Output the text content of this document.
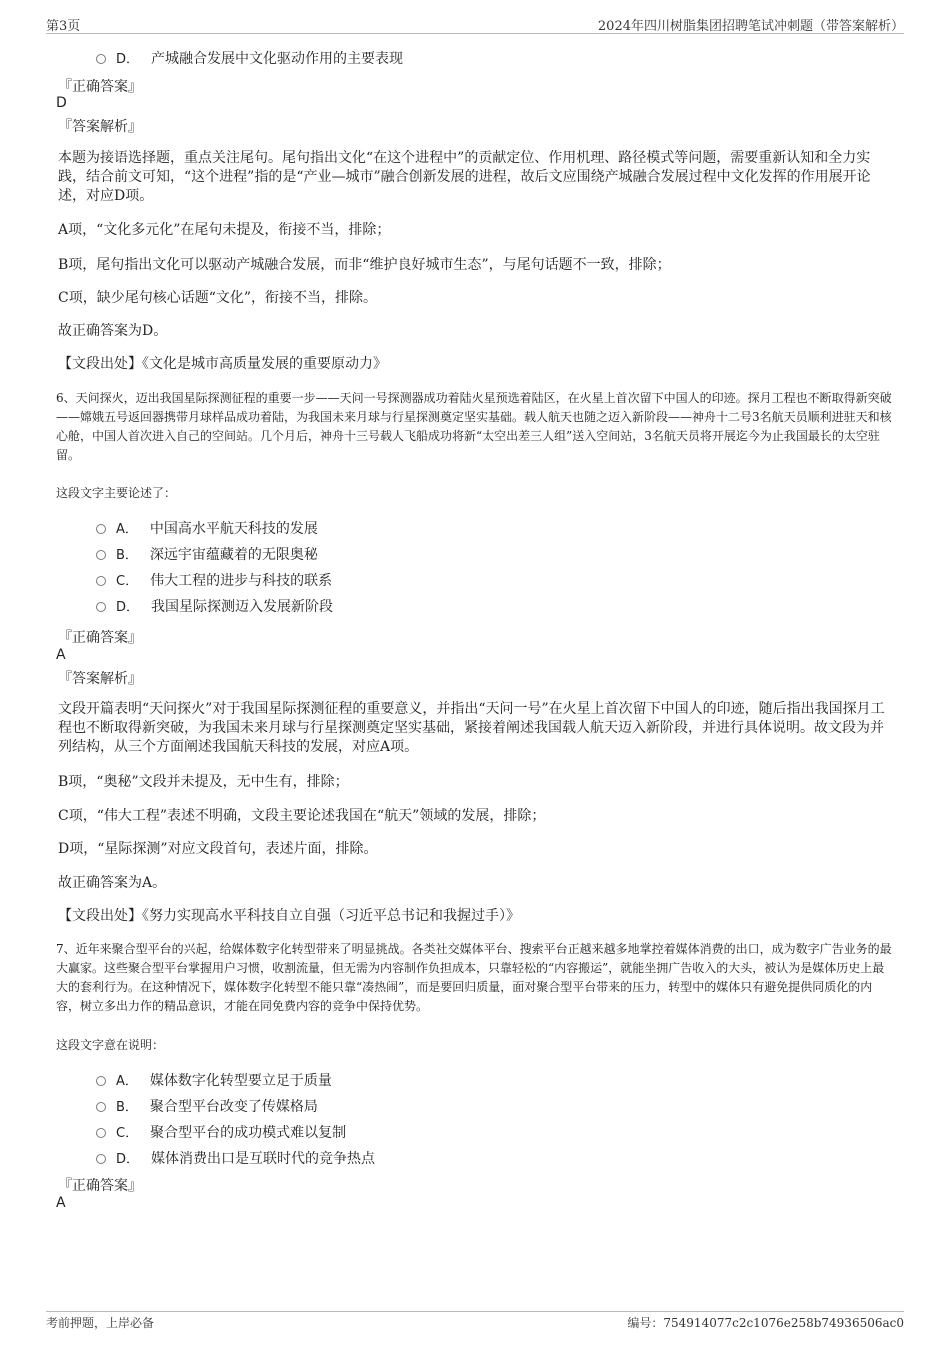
第3页	2024年四川树脂集团招聘笔试冲刺题（带答案解析）
D． 产城融合发展中文化驱动作用的主要表现
『正确答案』
D
『答案解析』
本题为接语选择题，重点关注尾句。尾句指出文化“在这个进程中”的贡献定位、作用机理、路径模式等问题，需要重新认知和全力实践，结合前文可知，“这个进程”指的是“产业—城市”融合创新发展的进程，故后文应围绕产城融合发展过程中文化发挥的作用展开论述，对应D项。
A项，“文化多元化”在尾句未提及，衔接不当，排除；
B项，尾句指出文化可以驱动产城融合发展，而非“维护良好城市生态”，与尾句话题不一致，排除；
C项，缺少尾句核心话题“文化”，衔接不当，排除。
故正确答案为D。
【文段出处】《文化是城市高质量发展的重要原动力》
6、天问探火，迈出我国星际探测征程的重要一步——天问一号探测器成功着陆火星预选着陆区，在火星上首次留下中国人的印迹。探月工程也不断取得新突破——嫦娥五号返回器携带月球样品成功着陆，为我国未来月球与行星探测奠定坚实基础。载人航天也随之迈入新阶段——神舟十二号3名航天员顺利进驻天和核心舱，中国人首次进入自己的空间站。几个月后，神舟十三号载人飞船成功将新“太空出差三人组”送入空间站，3名航天员将开展迄今为止我国最长的太空驻留。
这段文字主要论述了：
A． 中国高水平航天科技的发展
B． 深远宇宙蕴藏着的无限奥秘
C． 伟大工程的进步与科技的联系
D． 我国星际探测迈入发展新阶段
『正确答案』
A
『答案解析』
文段开篇表明“天问探火”对于我国星际探测征程的重要意义，并指出“天问一号”在火星上首次留下中国人的印迹，随后指出我国探月工程也不断取得新突破，为我国未来月球与行星探测奠定坚实基础，紧接着阐述我国载人航天迈入新阶段，并进行具体说明。故文段为并列结构，从三个方面阐述我国航天科技的发展，对应A项。
B项，“奥秘”文段并未提及，无中生有，排除；
C项，“伟大工程”表述不明确，文段主要论述我国在“航天”领域的发展，排除；
D项，“星际探测”对应文段首句，表述片面，排除。
故正确答案为A。
【文段出处】《努力实现高水平科技自立自强（习近平总书记和我握过手）》
7、近年来聚合型平台的兴起，给媒体数字化转型带来了明显挑战。各类社交媒体平台、搜索平台正越来越多地掌控着媒体消费的出口，成为数字广告业务的最大赢家。这些聚合型平台掌握用户习惯，收割流量，但无需为内容制作负担成本，只靠轻松的“内容搬运”，就能坐拥广告收入的大头，被认为是媒体历史上最大的套利行为。在这种情况下，媒体数字化转型不能只靠“凑热闹”，而是要回归质量，面对聚合型平台带来的压力，转型中的媒体只有避免提供同质化的内容，树立多出力作的精品意识，才能在同免费内容的竞争中保持优势。
这段文字意在说明：
A． 媒体数字化转型要立足于质量
B． 聚合型平台改变了传媒格局
C． 聚合型平台的成功模式难以复制
D． 媒体消费出口是互联时代的竞争热点
『正确答案』
A
考前押题，上岸必备	编号：754914077c2c1076e258b74936506ac0
